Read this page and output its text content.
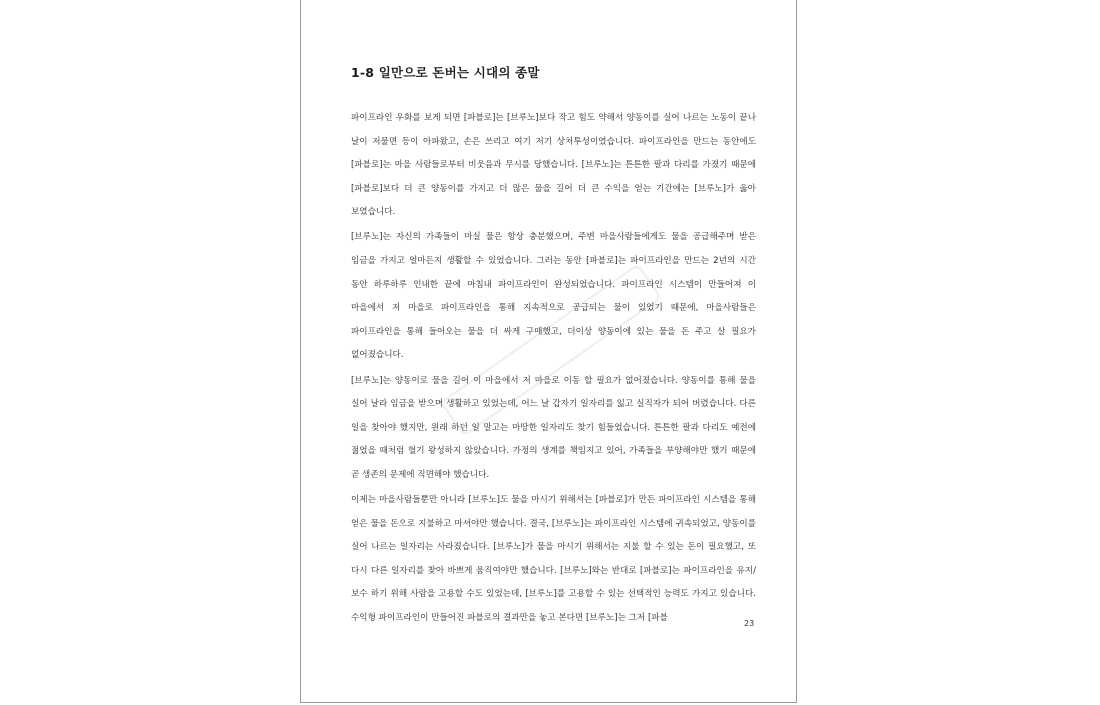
1-8 일만으로 돈버는 시대의 종말

파이프라인 우화를 보게 되면 [파블로]는 [브루노]보다 작고 힘도 약해서 양동이를 실어 나르는 노동이 끝나 날이 저물면 등이 아파왔고, 손은 쓰리고 여기 저기 상처투성이였습니다. 파이프라인을 만드는 동안에도 [파블로]는 마을 사람들로부터 비웃음과 무시를 당했습니다. [브루노]는 튼튼한 팔과 다리를 가졌기 때문에 [파블로]보다 더 큰 양동이를 가지고 더 많은 물을 길어 더 큰 수익을 얻는 기간에는 [브루노]가 옳아 보였습니다.

[브루노]는 자신의 가족들이 마실 물은 항상 충분했으며, 주변 마을사람들에게도 물을 공급해주며 받은 임금을 가지고 얼마든지 생활할 수 있었습니다. 그러는 동안 [파블로]는 파이프라인을 만드는 2년의 시간 동안 하루하루 인내한 끝에 마침내 파이프라인이 완성되었습니다. 파이프라인 시스템이 만들어져 이 마을에서 저 마을로 파이프라인을 통해 지속적으로 공급되는 물이 있었기 때문에, 마을사람들은 파이프라인을 통해 들어오는 물을 더 싸게 구매했고, 더이상 양동이에 있는 물을 돈 주고 살 필요가 없어졌습니다.

[브루노]는 양동이로 물을 길어 이 마을에서 저 마을로 이동 할 필요가 없어졌습니다. 양동이를 통해 물을 실어 날라 임금을 받으며 생활하고 있었는데, 어느 날 갑자기 일자리를 잃고 실직자가 되어 버렸습니다. 다른 일을 찾아야 했지만, 원래 하던 일 말고는 마땅한 일자리도 찾기 힘들었습니다. 튼튼한 팔과 다리도 예전에 젊었을 때처럼 혈기 왕성하지 않았습니다. 가정의 생계를 책임지고 있어, 가족들을 부양해야만 했기 때문에 곧 생존의 문제에 직면해야 했습니다.

이제는 마을사람들뿐만 아니라 [브루노]도 물을 마시기 위해서는 [파블로]가 만든 파이프라인 시스템을 통해 얻은 물을 돈으로 지불하고 마셔야만 했습니다. 결국, [브루노]는 파이프라인 시스템에 귀속되었고, 양동이를 실어 나르는 일자리는 사라졌습니다. [브루노]가 물을 마시기 위해서는 지불 할 수 있는 돈이 필요했고, 또 다시 다른 일자리를 찾아 바쁘게 움직여야만 했습니다. [브루노]와는 반대로 [파블로]는 파이프라인을 유지/보수 하기 위해 사람을 고용할 수도 있었는데, [브루노]를 고용할 수 있는 선택적인 능력도 가지고 있습니다. 수익형 파이프라인이 만들어진 파블로의 결과만을 놓고 본다면 [브루노]는 그저 [파블

23
